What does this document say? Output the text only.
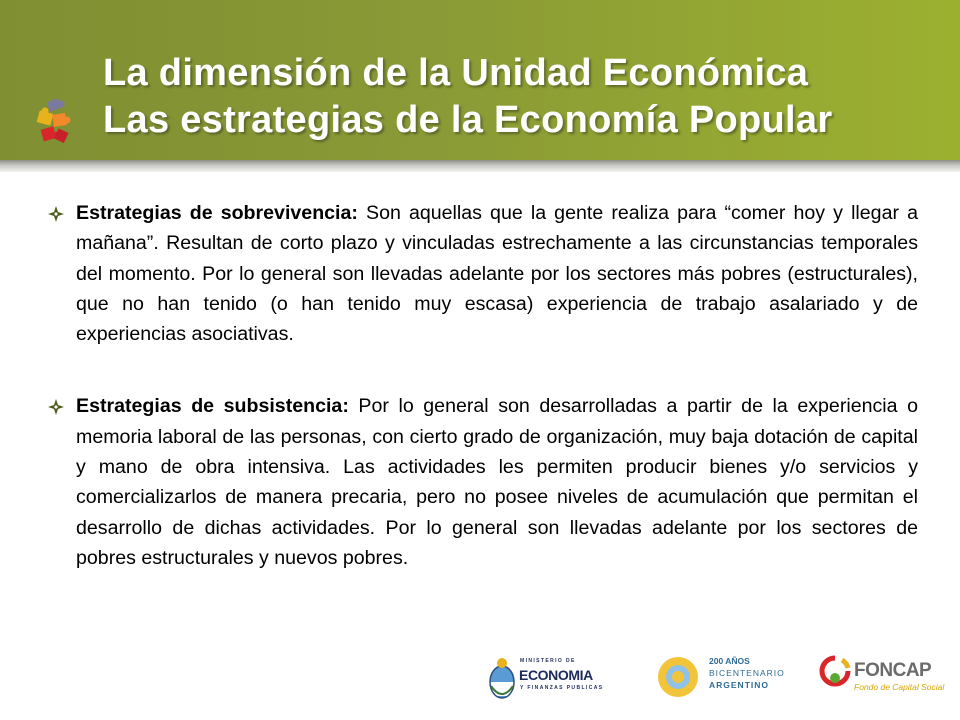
La dimensión de la Unidad Económica
Las estrategias de la Economía Popular
Estrategias de sobrevivencia: Son aquellas que la gente realiza para “comer hoy y llegar a mañana”. Resultan de corto plazo y vinculadas estrechamente a las circunstancias temporales del momento. Por lo general son llevadas adelante por los sectores más pobres (estructurales), que no han tenido (o han tenido muy escasa) experiencia de trabajo asalariado y de experiencias asociativas.
Estrategias de subsistencia: Por lo general son desarrolladas a partir de la experiencia o memoria laboral de las personas, con cierto grado de organización, muy baja dotación de capital y mano de obra intensiva. Las actividades les permiten producir bienes y/o servicios y comercializarlos de manera precaria, pero no posee niveles de acumulación que permitan el desarrollo de dichas actividades. Por lo general son llevadas adelante por los sectores de pobres estructurales y nuevos pobres.
MINISTERIO DE
ECONOMIA
Y FINANZAS PUBLICAS
200 AÑOS
BICENTENARIO
ARGENTINO
FONCAP
Fondo de Capital Social
